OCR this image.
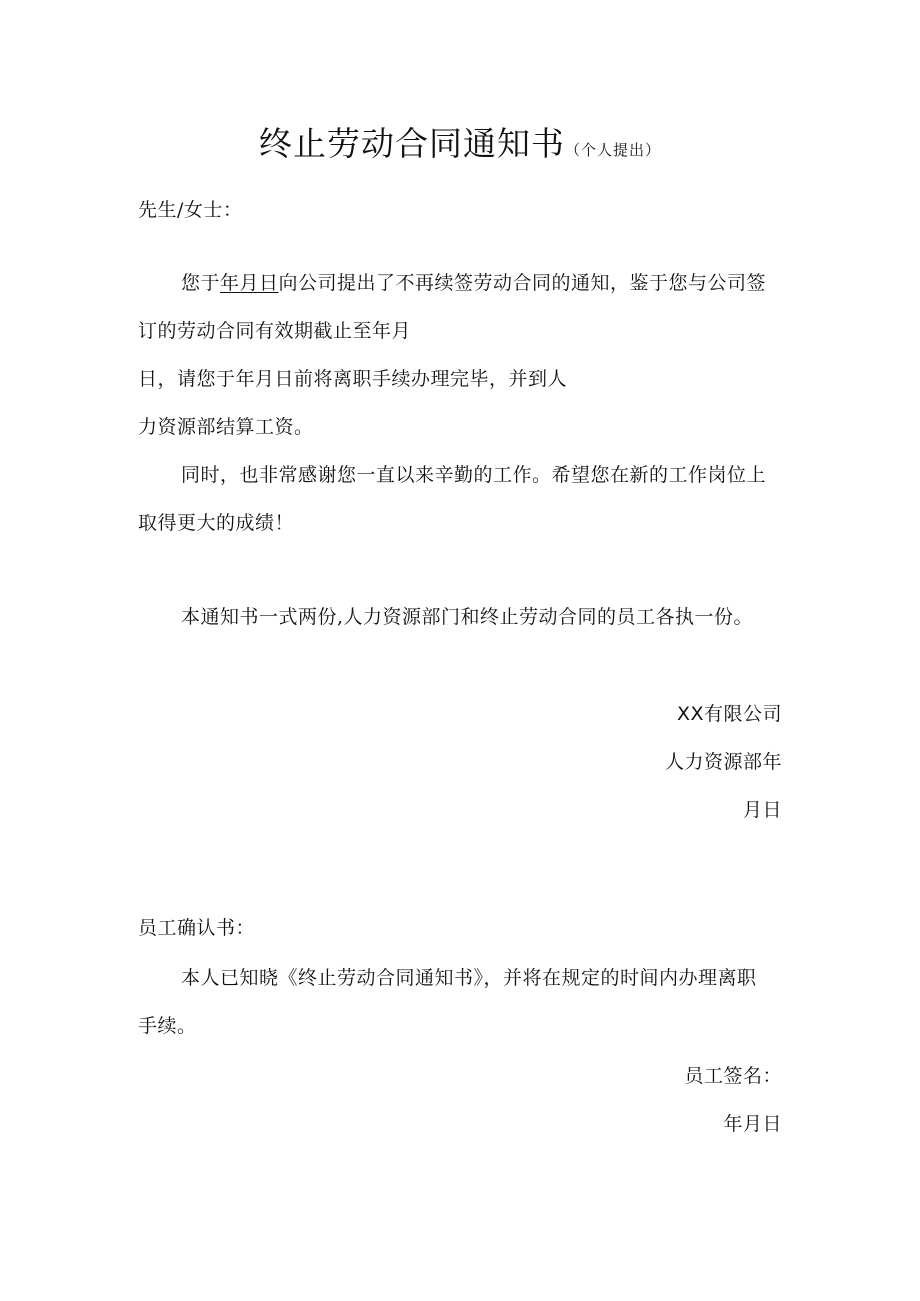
终止劳动合同通知书（个人提出）
先生/女士：
您于年月日向公司提出了不再续签劳动合同的通知，鉴于您与公司签
订的劳动合同有效期截止至年月
日，请您于年月日前将离职手续办理完毕，并到人
力资源部结算工资。
同时，也非常感谢您一直以来辛勤的工作。希望您在新的工作岗位上
取得更大的成绩！
本通知书一式两份,人力资源部门和终止劳动合同的员工各执一份。
XX有限公司
人力资源部年
月日
员工确认书：
本人已知晓《终止劳动合同通知书》，并将在规定的时间内办理离职
手续。
员工签名：
年月日
